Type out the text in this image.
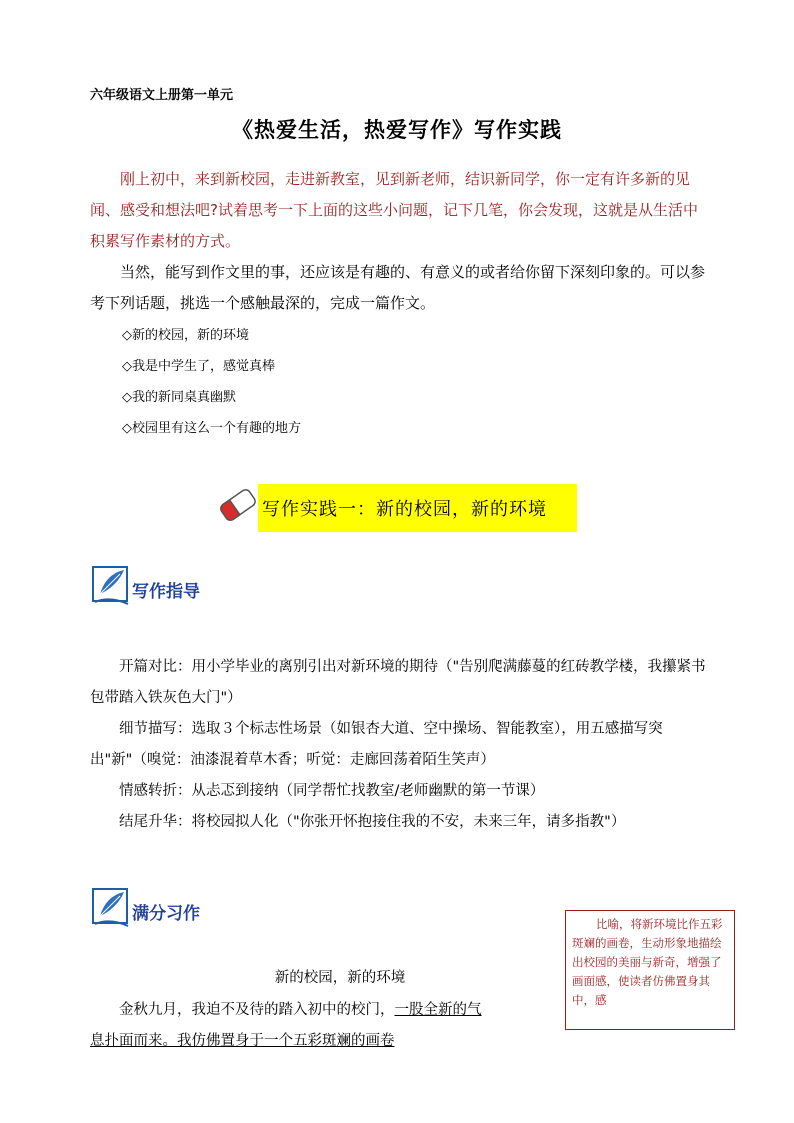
六年级语文上册第一单元
《热爱生活，热爱写作》写作实践

刚上初中，来到新校园，走进新教室，见到新老师，结识新同学，你一定有许多新的见闻、感受和想法吧?试着思考一下上面的这些小问题，记下几笔，你会发现，这就是从生活中积累写作素材的方式。

当然，能写到作文里的事，还应该是有趣的、有意义的或者给你留下深刻印象的。可以参考下列话题，挑选一个感触最深的，完成一篇作文。

◇新的校园，新的环境
◇我是中学生了，感觉真棒
◇我的新同桌真幽默
◇校园里有这么一个有趣的地方
写作实践一：新的校园，新的环境
写作指导

开篇对比：用小学毕业的离别引出对新环境的期待（"告别爬满藤蔓的红砖教学楼，我攥紧书包带踏入铁灰色大门"）

细节描写：选取３个标志性场景（如银杏大道、空中操场、智能教室），用五感描写突出"新"（嗅觉：油漆混着草木香；听觉：走廊回荡着陌生笑声）

情感转折：从忐忑到接纳（同学帮忙找教室/老师幽默的第一节课）

结尾升华：将校园拟人化（"你张开怀抱接住我的不安，未来三年，请多指教"）

满分习作
新的校园，新的环境

金秋九月，我迫不及待的踏入初中的校门，一股全新的气息扑面而来。我仿佛置身于一个五彩斑斓的画卷

比喻，将新环境比作五彩斑斓的画卷，生动形象地描绘出校园的美丽与新奇，增强了画面感，使读者仿佛置身其中，感
